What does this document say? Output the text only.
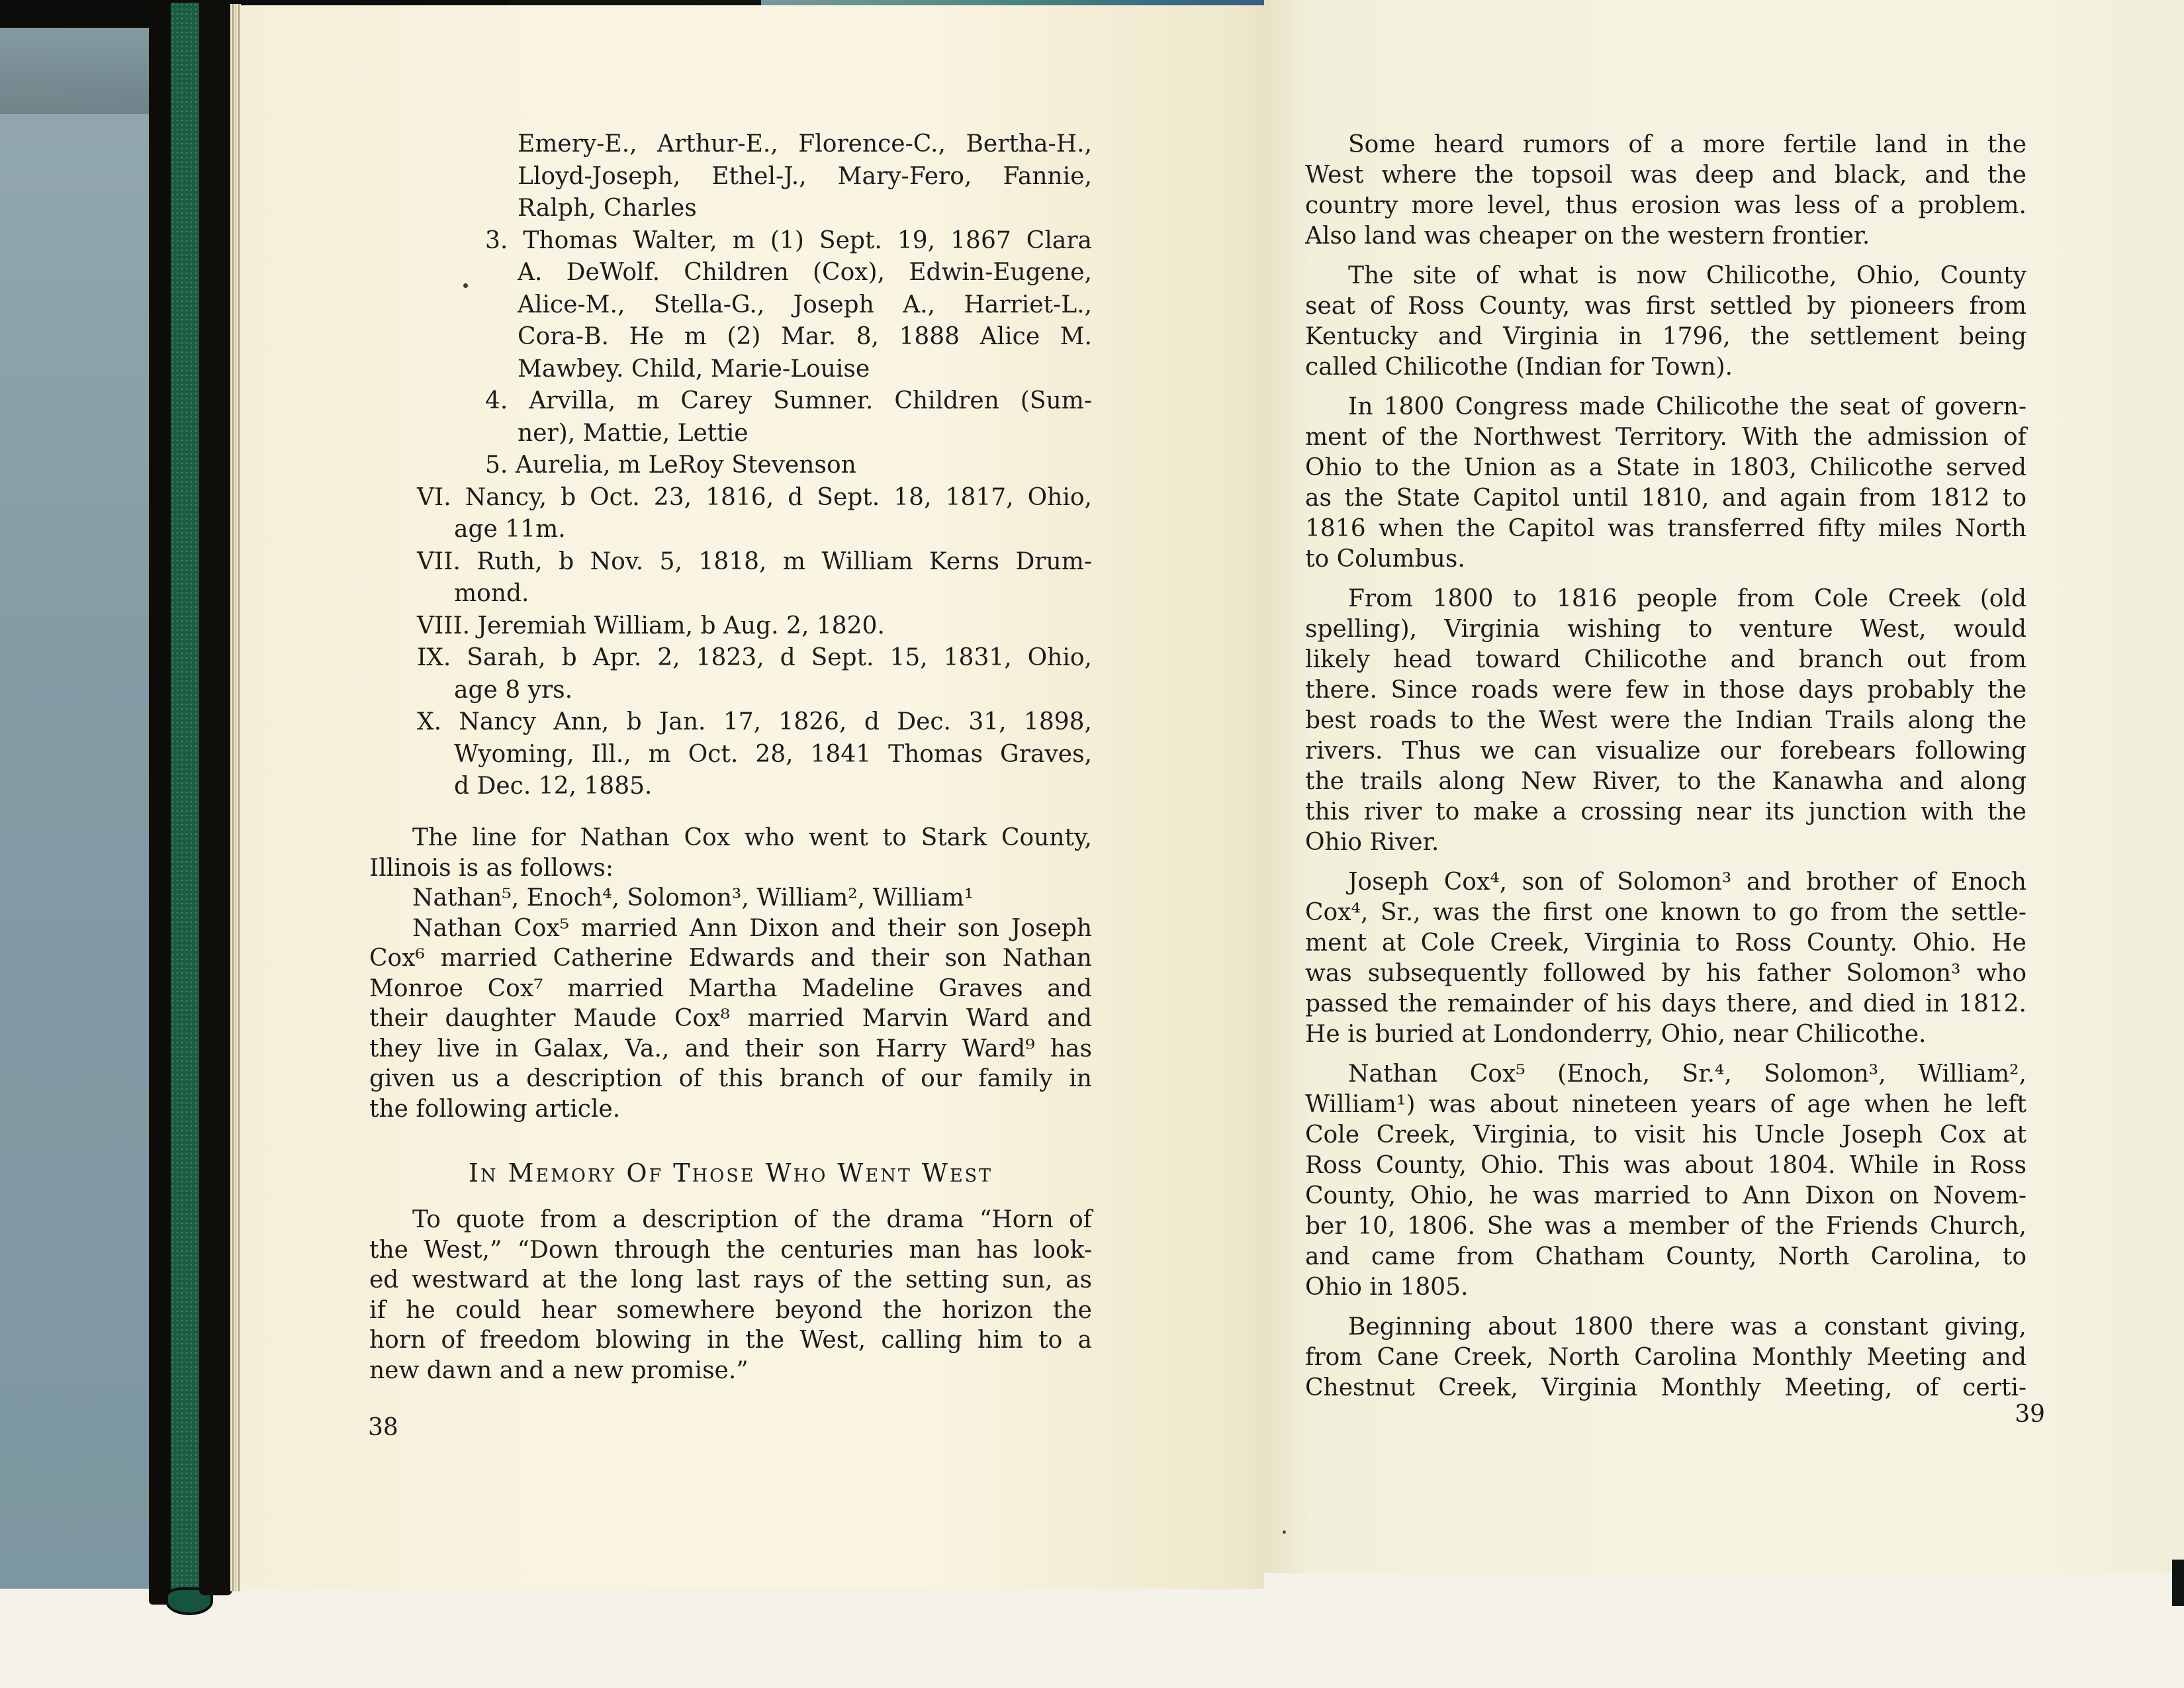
Emery-E., Arthur-E., Florence-C., Bertha-H.,
Lloyd-Joseph, Ethel-J., Mary-Fero, Fannie,
Ralph, Charles
3. Thomas Walter, m (1) Sept. 19, 1867 Clara
A. DeWolf. Children (Cox), Edwin-Eugene,
Alice-M., Stella-G., Joseph A., Harriet-L.,
Cora-B. He m (2) Mar. 8, 1888 Alice M.
Mawbey. Child, Marie-Louise
4. Arvilla, m Carey Sumner. Children (Sum-
ner), Mattie, Lettie
5. Aurelia, m LeRoy Stevenson
VI. Nancy, b Oct. 23, 1816, d Sept. 18, 1817, Ohio,
age 11m.
VII. Ruth, b Nov. 5, 1818, m William Kerns Drum-
mond.
VIII. Jeremiah William, b Aug. 2, 1820.
IX. Sarah, b Apr. 2, 1823, d Sept. 15, 1831, Ohio,
age 8 yrs.
X. Nancy Ann, b Jan. 17, 1826, d Dec. 31, 1898,
Wyoming, Ill., m Oct. 28, 1841 Thomas Graves,
d Dec. 12, 1885.
The line for Nathan Cox who went to Stark County,
Illinois is as follows:
Nathan⁵, Enoch⁴, Solomon³, William², William¹
Nathan Cox⁵ married Ann Dixon and their son Joseph
Cox⁶ married Catherine Edwards and their son Nathan
Monroe Cox⁷ married Martha Madeline Graves and
their daughter Maude Cox⁸ married Marvin Ward and
they live in Galax, Va., and their son Harry Ward⁹ has
given us a description of this branch of our family in
the following article.
In Memory Of Those Who Went West
To quote from a description of the drama “Horn of
the West,” “Down through the centuries man has look-
ed westward at the long last rays of the setting sun, as
if he could hear somewhere beyond the horizon the
horn of freedom blowing in the West, calling him to a
new dawn and a new promise.”
38
Some heard rumors of a more fertile land in the
West where the topsoil was deep and black, and the
country more level, thus erosion was less of a problem.
Also land was cheaper on the western frontier.
The site of what is now Chilicothe, Ohio, County
seat of Ross County, was first settled by pioneers from
Kentucky and Virginia in 1796, the settlement being
called Chilicothe (Indian for Town).
In 1800 Congress made Chilicothe the seat of govern-
ment of the Northwest Territory. With the admission of
Ohio to the Union as a State in 1803, Chilicothe served
as the State Capitol until 1810, and again from 1812 to
1816 when the Capitol was transferred fifty miles North
to Columbus.
From 1800 to 1816 people from Cole Creek (old
spelling), Virginia wishing to venture West, would
likely head toward Chilicothe and branch out from
there. Since roads were few in those days probably the
best roads to the West were the Indian Trails along the
rivers. Thus we can visualize our forebears following
the trails along New River, to the Kanawha and along
this river to make a crossing near its junction with the
Ohio River.
Joseph Cox⁴, son of Solomon³ and brother of Enoch
Cox⁴, Sr., was the first one known to go from the settle-
ment at Cole Creek, Virginia to Ross County. Ohio. He
was subsequently followed by his father Solomon³ who
passed the remainder of his days there, and died in 1812.
He is buried at Londonderry, Ohio, near Chilicothe.
Nathan Cox⁵ (Enoch, Sr.⁴, Solomon³, William²,
William¹) was about nineteen years of age when he left
Cole Creek, Virginia, to visit his Uncle Joseph Cox at
Ross County, Ohio. This was about 1804. While in Ross
County, Ohio, he was married to Ann Dixon on Novem-
ber 10, 1806. She was a member of the Friends Church,
and came from Chatham County, North Carolina, to
Ohio in 1805.
Beginning about 1800 there was a constant giving,
from Cane Creek, North Carolina Monthly Meeting and
Chestnut Creek, Virginia Monthly Meeting, of certi-
39
